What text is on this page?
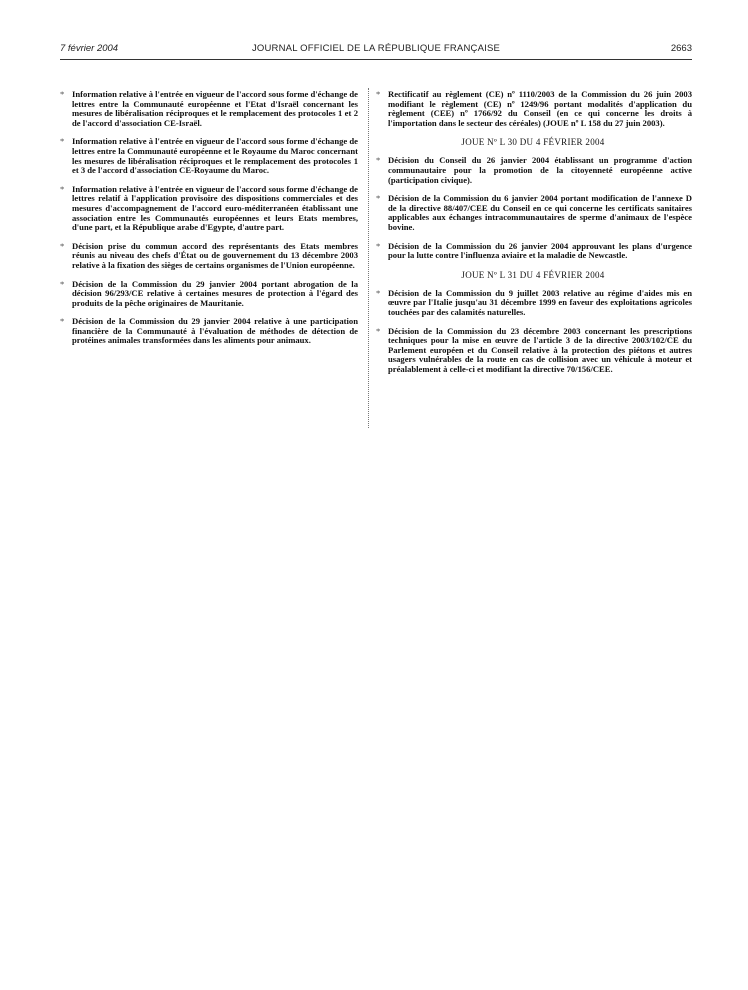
7 février 2004	JOURNAL OFFICIEL DE LA RÉPUBLIQUE FRANÇAISE	2663
* Information relative à l'entrée en vigueur de l'accord sous forme d'échange de lettres entre la Communauté européenne et l'Etat d'Israël concernant les mesures de libéralisation réciproques et le remplacement des protocoles 1 et 2 de l'accord d'association CE-Israël.
* Information relative à l'entrée en vigueur de l'accord sous forme d'échange de lettres entre la Communauté européenne et le Royaume du Maroc concernant les mesures de libéralisation réciproques et le remplacement des protocoles 1 et 3 de l'accord d'association CE-Royaume du Maroc.
* Information relative à l'entrée en vigueur de l'accord sous forme d'échange de lettres relatif à l'application provisoire des dispositions commerciales et des mesures d'accompagnement de l'accord euro-méditerranéen établissant une association entre les Communautés européennes et leurs Etats membres, d'une part, et la République arabe d'Egypte, d'autre part.
* Décision prise du commun accord des représentants des Etats membres réunis au niveau des chefs d'État ou de gouvernement du 13 décembre 2003 relative à la fixation des sièges de certains organismes de l'Union européenne.
* Décision de la Commission du 29 janvier 2004 portant abrogation de la décision 96/293/CE relative à certaines mesures de protection à l'égard des produits de la pêche originaires de Mauritanie.
* Décision de la Commission du 29 janvier 2004 relative à une participation financière de la Communauté à l'évaluation de méthodes de détection de protéines animales transformées dans les aliments pour animaux.
* Rectificatif au règlement (CE) nº 1110/2003 de la Commission du 26 juin 2003 modifiant le règlement (CE) nº 1249/96 portant modalités d'application du règlement (CEE) nº 1766/92 du Conseil (en ce qui concerne les droits à l'importation dans le secteur des céréales) (JOUE nº L 158 du 27 juin 2003).
JOUE Nº L 30 DU 4 FÉVRIER 2004
* Décision du Conseil du 26 janvier 2004 établissant un programme d'action communautaire pour la promotion de la citoyenneté européenne active (participation civique).
* Décision de la Commission du 6 janvier 2004 portant modification de l'annexe D de la directive 88/407/CEE du Conseil en ce qui concerne les certificats sanitaires applicables aux échanges intracommunautaires de sperme d'animaux de l'espèce bovine.
* Décision de la Commission du 26 janvier 2004 approuvant les plans d'urgence pour la lutte contre l'influenza aviaire et la maladie de Newcastle.
JOUE Nº L 31 DU 4 FÉVRIER 2004
* Décision de la Commission du 9 juillet 2003 relative au régime d'aides mis en œuvre par l'Italie jusqu'au 31 décembre 1999 en faveur des exploitations agricoles touchées par des calamités naturelles.
* Décision de la Commission du 23 décembre 2003 concernant les prescriptions techniques pour la mise en œuvre de l'article 3 de la directive 2003/102/CE du Parlement européen et du Conseil relative à la protection des piétons et autres usagers vulnérables de la route en cas de collision avec un véhicule à moteur et préalablement à celle-ci et modifiant la directive 70/156/CEE.
